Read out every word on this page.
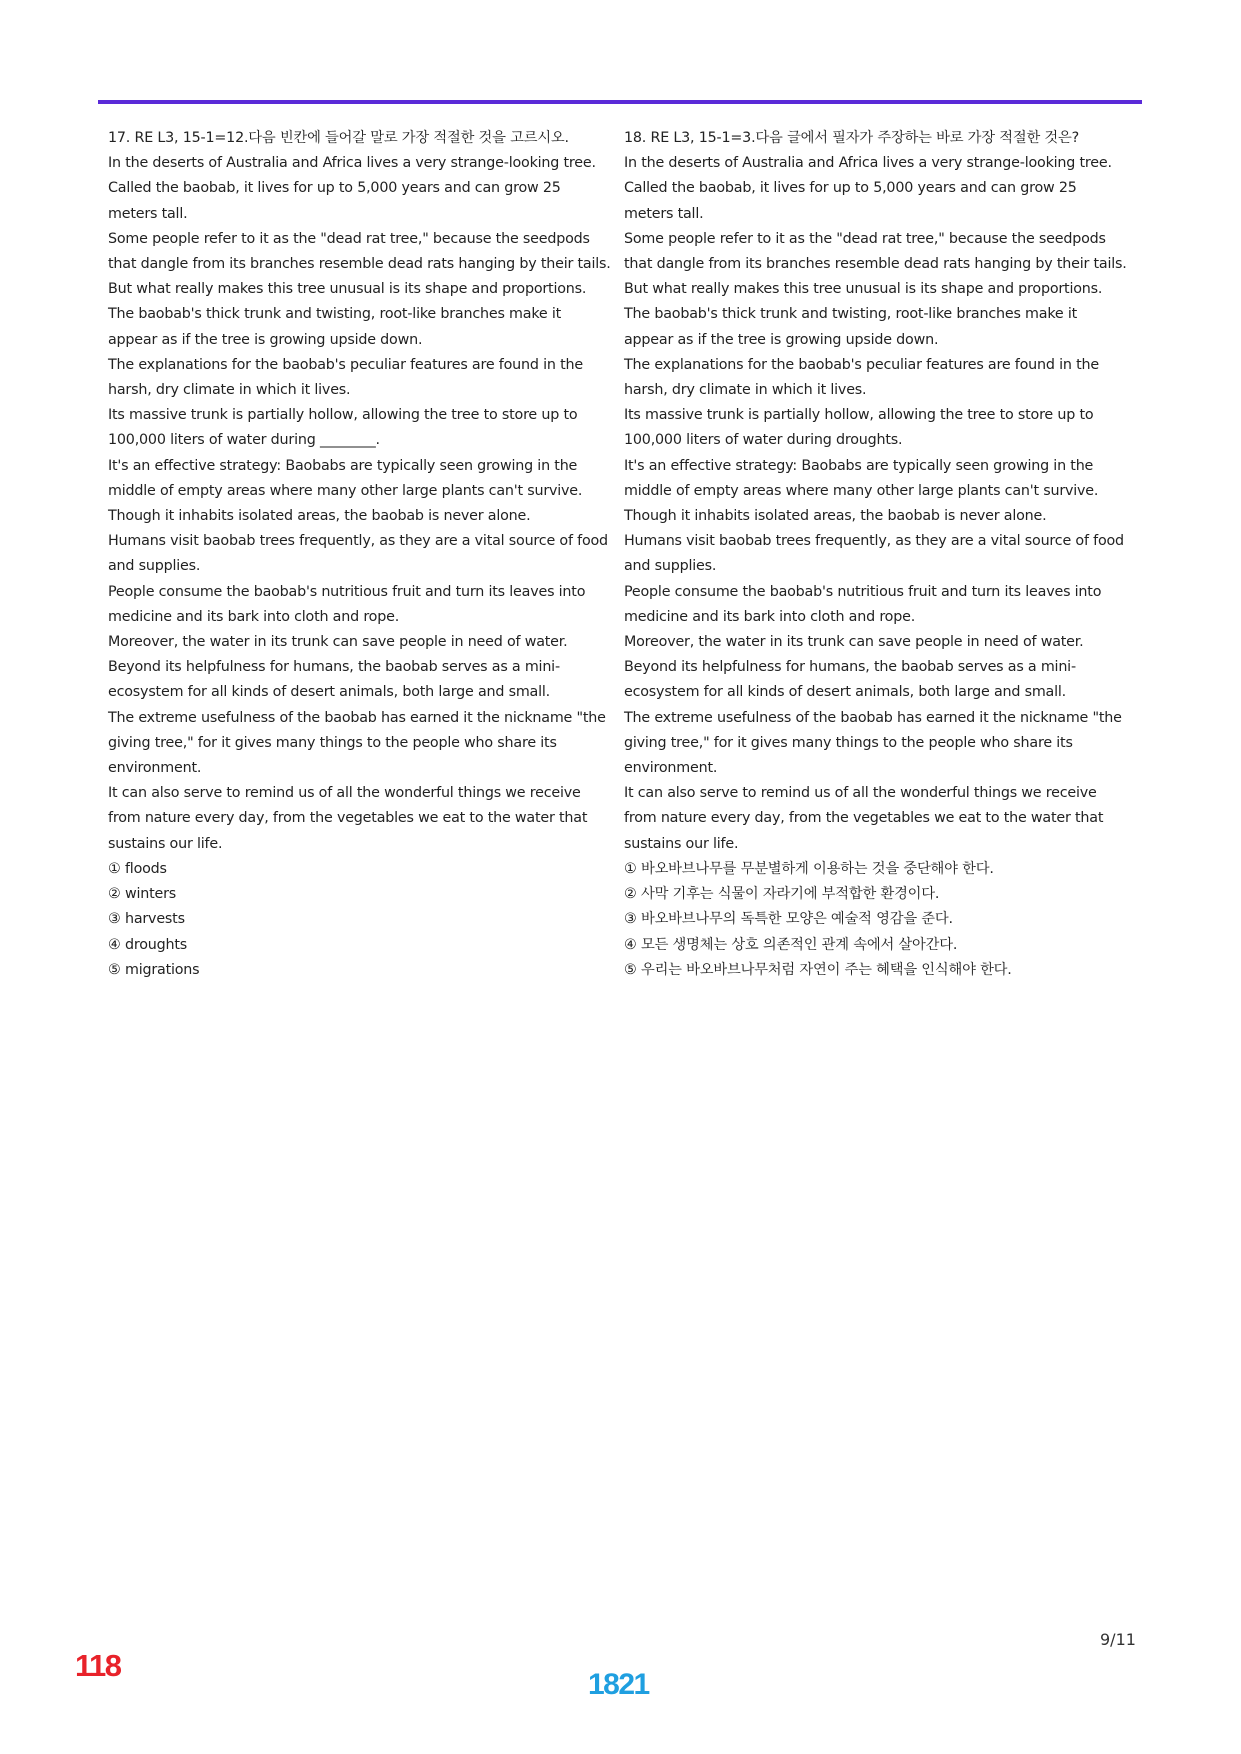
17. RE L3, 15-1=12.다음 빈칸에 들어갈 말로 가장 적절한 것을 고르시오.
In the deserts of Australia and Africa lives a very strange-looking tree.
Called the baobab, it lives for up to 5,000 years and can grow 25 meters tall.
Some people refer to it as the "dead rat tree," because the seedpods that dangle from its branches resemble dead rats hanging by their tails.
But what really makes this tree unusual is its shape and proportions.
The baobab's thick trunk and twisting, root-like branches make it appear as if the tree is growing upside down.
The explanations for the baobab's peculiar features are found in the harsh, dry climate in which it lives.
Its massive trunk is partially hollow, allowing the tree to store up to 100,000 liters of water during ________.
It's an effective strategy: Baobabs are typically seen growing in the middle of empty areas where many other large plants can't survive.
Though it inhabits isolated areas, the baobab is never alone.
Humans visit baobab trees frequently, as they are a vital source of food and supplies.
People consume the baobab's nutritious fruit and turn its leaves into medicine and its bark into cloth and rope.
Moreover, the water in its trunk can save people in need of water.
Beyond its helpfulness for humans, the baobab serves as a mini-ecosystem for all kinds of desert animals, both large and small.
The extreme usefulness of the baobab has earned it the nickname "the giving tree," for it gives many things to the people who share its environment.
It can also serve to remind us of all the wonderful things we receive from nature every day, from the vegetables we eat to the water that sustains our life.
① floods
② winters
③ harvests
④ droughts
⑤ migrations
18. RE L3, 15-1=3.다음 글에서 필자가 주장하는 바로 가장 적절한 것은?
In the deserts of Australia and Africa lives a very strange-looking tree.
Called the baobab, it lives for up to 5,000 years and can grow 25 meters tall.
Some people refer to it as the "dead rat tree," because the seedpods that dangle from its branches resemble dead rats hanging by their tails.
But what really makes this tree unusual is its shape and proportions.
The baobab's thick trunk and twisting, root-like branches make it appear as if the tree is growing upside down.
The explanations for the baobab's peculiar features are found in the harsh, dry climate in which it lives.
Its massive trunk is partially hollow, allowing the tree to store up to 100,000 liters of water during droughts.
It's an effective strategy: Baobabs are typically seen growing in the middle of empty areas where many other large plants can't survive.
Though it inhabits isolated areas, the baobab is never alone.
Humans visit baobab trees frequently, as they are a vital source of food and supplies.
People consume the baobab's nutritious fruit and turn its leaves into medicine and its bark into cloth and rope.
Moreover, the water in its trunk can save people in need of water.
Beyond its helpfulness for humans, the baobab serves as a mini-ecosystem for all kinds of desert animals, both large and small.
The extreme usefulness of the baobab has earned it the nickname "the giving tree," for it gives many things to the people who share its environment.
It can also serve to remind us of all the wonderful things we receive from nature every day, from the vegetables we eat to the water that sustains our life.
① 바오바브나무를 무분별하게 이용하는 것을 중단해야 한다.
② 사막 기후는 식물이 자라기에 부적합한 환경이다.
③ 바오바브나무의 독특한 모양은 예술적 영감을 준다.
④ 모든 생명체는 상호 의존적인 관계 속에서 살아간다.
⑤ 우리는 바오바브나무처럼 자연이 주는 혜택을 인식해야 한다.
9/11
118
1821
